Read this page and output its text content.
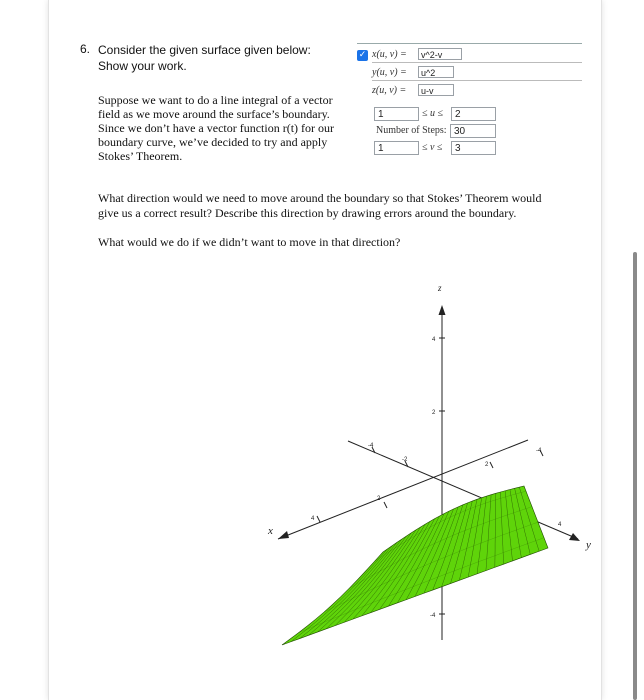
6. Consider the given surface given below:
Show your work.
Suppose we want to do a line integral of a vector
field as we move around the surface’s boundary.
Since we don’t have a vector function r(t) for our
boundary curve, we’ve decided to try and apply
Stokes’ Theorem.
What direction would we need to move around the boundary so that Stokes’ Theorem would
give us a correct result? Describe this direction by drawing errors around the boundary.
What would we do if we didn’t want to move in that direction?
✓ x(u, v) =	v^2-v
y(u, v) =	u^2
z(u, v) =	u-v
1	≤ u ≤	2
Number of Steps: 30
1	≤ v ≤	3
z
x
y
4
2
-4
-4
-2
2
4
2
4
-4
